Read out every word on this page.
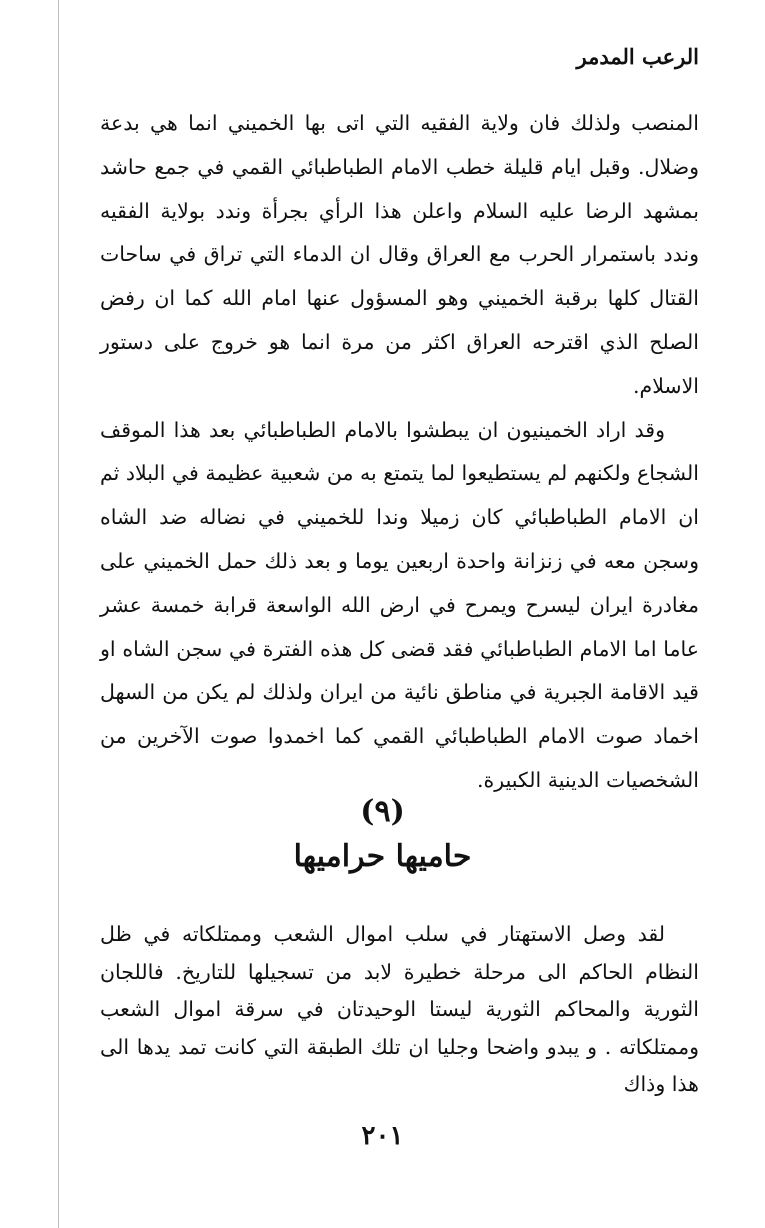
الرعب المدمر

المنصب ولذلك فان ولاية الفقيه التي اتى بها الخميني انما هي بدعة وضلال. وقبل ايام قليلة خطب الامام الطباطبائي القمي في جمع حاشد بمشهد الرضا عليه السلام واعلن هذا الرأي بجرأة وندد بولاية الفقيه وندد باستمرار الحرب مع العراق وقال ان الدماء التي تراق في ساحات القتال كلها برقبة الخميني وهو المسؤول عنها امام الله كما ان رفض الصلح الذي اقترحه العراق اكثر من مرة انما هو خروج على دستور الاسلام.

وقد اراد الخمينيون ان يبطشوا بالامام الطباطبائي بعد هذا الموقف الشجاع ولكنهم لم يستطيعوا لما يتمتع به من شعبية عظيمة في البلاد ثم ان الامام الطباطبائي كان زميلا وندا للخميني في نضاله ضد الشاه وسجن معه في زنزانة واحدة اربعين يوما و بعد ذلك حمل الخميني على مغادرة ايران ليسرح ويمرح في ارض الله الواسعة قرابة خمسة عشر عاما اما الامام الطباطبائي فقد قضى كل هذه الفترة في سجن الشاه او قيد الاقامة الجبرية في مناطق نائية من ايران ولذلك لم يكن من السهل اخماد صوت الامام الطباطبائي القمي كما اخمدوا صوت الآخرين من الشخصيات الدينية الكبيرة.

(٩)
حاميها حراميها

لقد وصل الاستهتار في سلب اموال الشعب وممتلكاته في ظل النظام الحاكم الى مرحلة خطيرة لابد من تسجيلها للتاريخ. فاللجان الثورية والمحاكم الثورية ليستا الوحيدتان في سرقة اموال الشعب وممتلكاته . و يبدو واضحا وجليا ان تلك الطبقة التي كانت تمد يدها الى هذا وذاك

٢٠١
